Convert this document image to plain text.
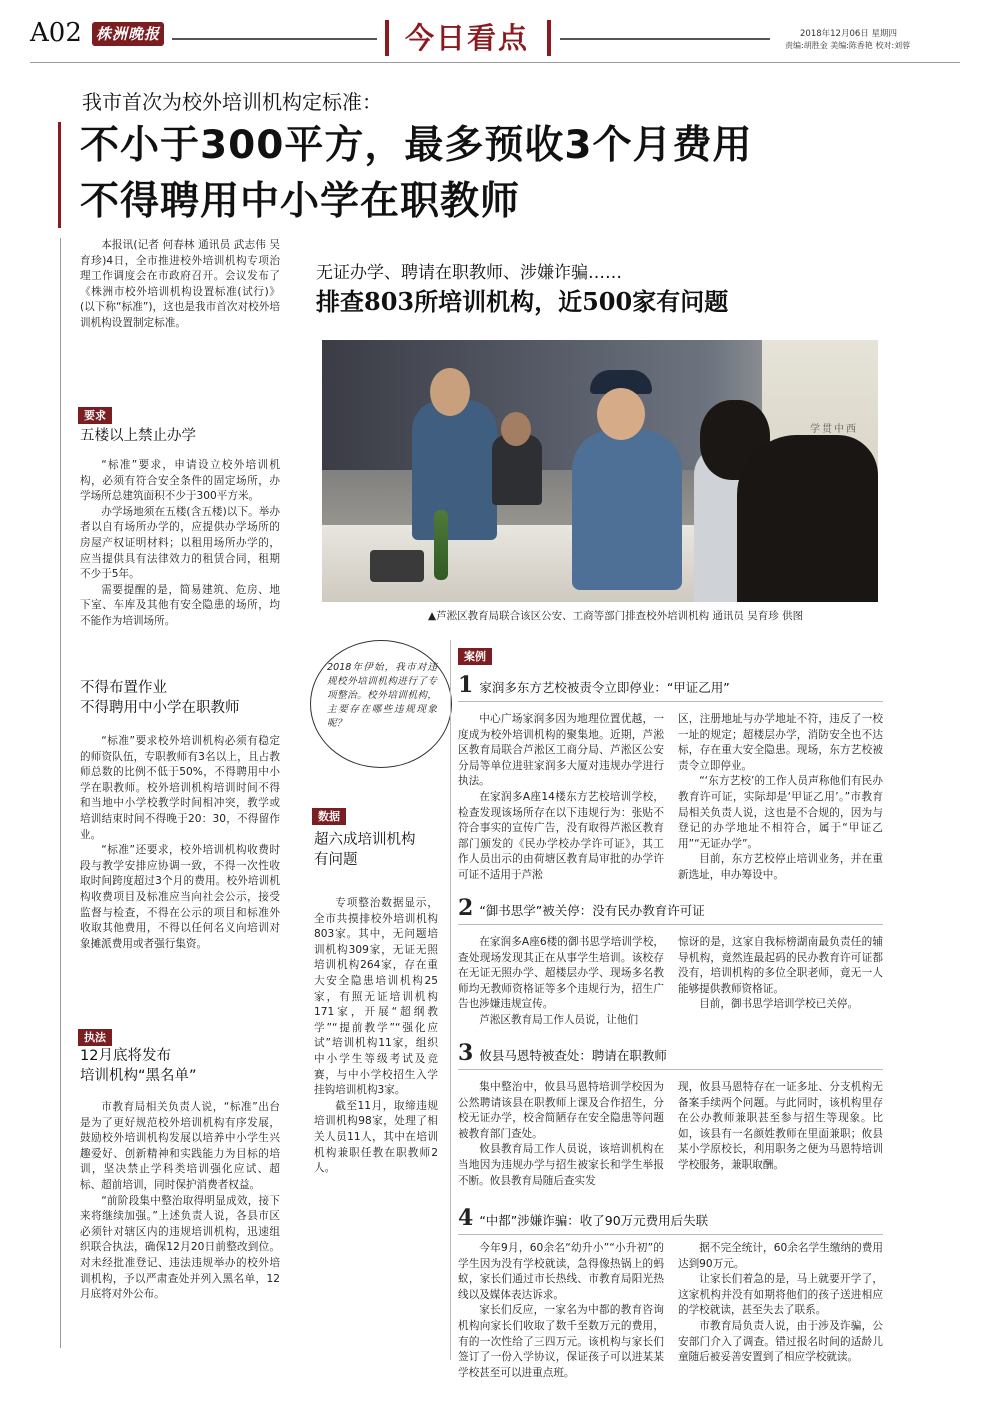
A02 株洲晚报	今日看点	2018年12月06日 星期四
责编:胡胜金 美编:陈香艳 校对:刘蓉
我市首次为校外培训机构定标准：
不小于300平方，最多预收3个月费用
不得聘用中小学在职教师

本报讯(记者 何春林 通讯员 武志伟 吴育珍)4日，全市推进校外培训机构专项治理工作调度会在市政府召开。会议发布了《株洲市校外培训机构设置标准(试行)》(以下称“标准”)，这也是我市首次对校外培训机构设置制定标准。

要求
五楼以上禁止办学

“标准”要求，申请设立校外培训机构，必须有符合安全条件的固定场所，办学场所总建筑面积不少于300平方米。

办学场地须在五楼(含五楼)以下。举办者以自有场所办学的，应提供办学场所的房屋产权证明材料；以租用场所办学的，应当提供具有法律效力的租赁合同，租期不少于5年。

需要提醒的是，简易建筑、危房、地下室、车库及其他有安全隐患的场所，均不能作为培训场所。

不得布置作业
不得聘用中小学在职教师

“标准”要求校外培训机构必须有稳定的师资队伍，专职教师有3名以上，且占教师总数的比例不低于50%，不得聘用中小学在职教师。校外培训机构培训时间不得和当地中小学校教学时间相冲突，教学或培训结束时间不得晚于20：30，不得留作业。

“标准”还要求，校外培训机构收费时段与教学安排应协调一致，不得一次性收取时间跨度超过3个月的费用。校外培训机构收费项目及标准应当向社会公示，接受监督与检查，不得在公示的项目和标准外收取其他费用，不得以任何名义向培训对象摊派费用或者强行集资。

执法
12月底将发布
培训机构“黑名单”

市教育局相关负责人说，“标准”出台是为了更好规范校外培训机构有序发展，鼓励校外培训机构发展以培养中小学生兴趣爱好、创新精神和实践能力为目标的培训，坚决禁止学科类培训强化应试、超标、超前培训，同时保护消费者权益。

“前阶段集中整治取得明显成效，接下来将继续加强。”上述负责人说，各县市区必须针对辖区内的违规培训机构，迅速组织联合执法，确保12月20日前整改到位。对未经批准登记、违法违规举办的校外培训机构，予以严肃查处并列入黑名单，12月底将对外公布。

无证办学、聘请在职教师、涉嫌诈骗……
排查803所培训机构，近500家有问题
学贯中西
▲芦淞区教育局联合该区公安、工商等部门排查校外培训机构 通讯员 吴育珍 供图
2018年伊始，我市对违规校外培训机构进行了专项整治。校外培训机构，主要存在哪些违规现象呢？
数据
超六成培训机构
有问题

专项整治数据显示，全市共摸排校外培训机构803家。其中，无问题培训机构309家，无证无照培训机构264家，存在重大安全隐患培训机构25家，有照无证培训机构171家，开展“超纲教学”“提前教学”“强化应试”培训机构11家，组织中小学生等级考试及竞赛，与中小学校招生入学挂钩培训机构3家。

截至11月，取缔违规培训机构98家，处理了相关人员11人，其中在培训机构兼职任教在职教师2人。

案例
1 家润多东方艺校被责令立即停业：“甲证乙用”

中心广场家润多因为地理位置优越，一度成为校外培训机构的聚集地。近期，芦淞区教育局联合芦淞区工商分局、芦淞区公安分局等单位进驻家润多大厦对违规办学进行执法。

在家润多A座14楼东方艺校培训学校，检查发现该场所存在以下违规行为：张贴不符合事实的宣传广告，没有取得芦淞区教育部门颁发的《民办学校办学许可证》，其工作人员出示的由荷塘区教育局审批的办学许可证不适用于芦淞

区，注册地址与办学地址不符，违反了一校一址的规定；超楼层办学，消防安全也不达标，存在重大安全隐患。现场，东方艺校被责令立即停业。

“‘东方艺校’的工作人员声称他们有民办教育许可证，实际却是‘甲证乙用’。”市教育局相关负责人说，这也是不合规的，因为与登记的办学地址不相符合，属于“甲证乙用”“无证办学”。

目前，东方艺校停止培训业务，并在重新选址，申办筹设中。

2 “御书思学”被关停：没有民办教育许可证

在家润多A座6楼的御书思学培训学校，查处现场发现其正在从事学生培训。该校存在无证无照办学、超楼层办学、现场多名教师均无教师资格证等多个违规行为，招生广告也涉嫌违规宣传。

芦淞区教育局工作人员说，让他们

惊讶的是，这家自我标榜湖南最负责任的辅导机构，竟然连最起码的民办教育许可证都没有，培训机构的多位全职老师，竟无一人能够提供教师资格证。

目前，御书思学培训学校已关停。

3 攸县马恩特被查处：聘请在职教师

集中整治中，攸县马恩特培训学校因为公然聘请该县在职教师上课及合作招生，分校无证办学，校舍简陋存在安全隐患等问题被教育部门查处。

攸县教育局工作人员说，该培训机构在当地因为违规办学与招生被家长和学生举报不断。攸县教育局随后查实发

现，攸县马恩特存在一证多址、分支机构无备案手续两个问题。与此同时，该机构里存在公办教师兼职甚至参与招生等现象。比如，该县有一名颜姓教师在里面兼职；攸县某小学原校长，利用职务之便为马恩特培训学校服务，兼职取酬。

4 “中都”涉嫌诈骗：收了90万元费用后失联

今年9月，60余名“幼升小”“小升初”的学生因为没有学校就读，急得像热锅上的蚂蚁，家长们通过市长热线、市教育局阳光热线以及媒体表达诉求。

家长们反应，一家名为中都的教育咨询机构向家长们收取了数千至数万元的费用，有的一次性给了三四万元。该机构与家长们签订了一份入学协议，保证孩子可以进某某学校甚至可以进重点班。

据不完全统计，60余名学生缴纳的费用达到90万元。

让家长们着急的是，马上就要开学了，这家机构并没有如期将他们的孩子送进相应的学校就读，甚至失去了联系。

市教育局负责人说，由于涉及诈骗，公安部门介入了调查。错过报名时间的适龄儿童随后被妥善安置到了相应学校就读。
